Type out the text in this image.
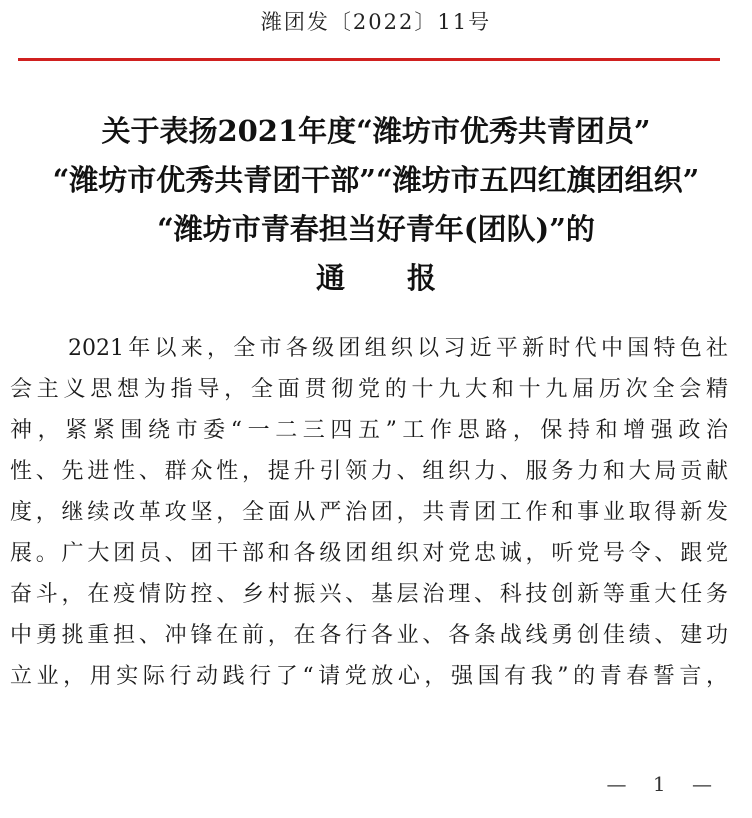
潍团发〔2022〕11号
关于表扬2021年度“潍坊市优秀共青团员”
“潍坊市优秀共青团干部”“潍坊市五四红旗团组织”
“潍坊市青春担当好青年(团队)”的
通报
2021年以来，全市各级团组织以习近平新时代中国特色社
会主义思想为指导，全面贯彻党的十九大和十九届历次全会精
神，紧紧围绕市委“一二三四五”工作思路，保持和增强政治
性、先进性、群众性，提升引领力、组织力、服务力和大局贡献
度，继续改革攻坚，全面从严治团，共青团工作和事业取得新发
展。广大团员、团干部和各级团组织对党忠诚，听党号令、跟党
奋斗，在疫情防控、乡村振兴、基层治理、科技创新等重大任务
中勇挑重担、冲锋在前，在各行各业、各条战线勇创佳绩、建功
立业，用实际行动践行了“请党放心，强国有我”的青春誓言，
— 1 —
